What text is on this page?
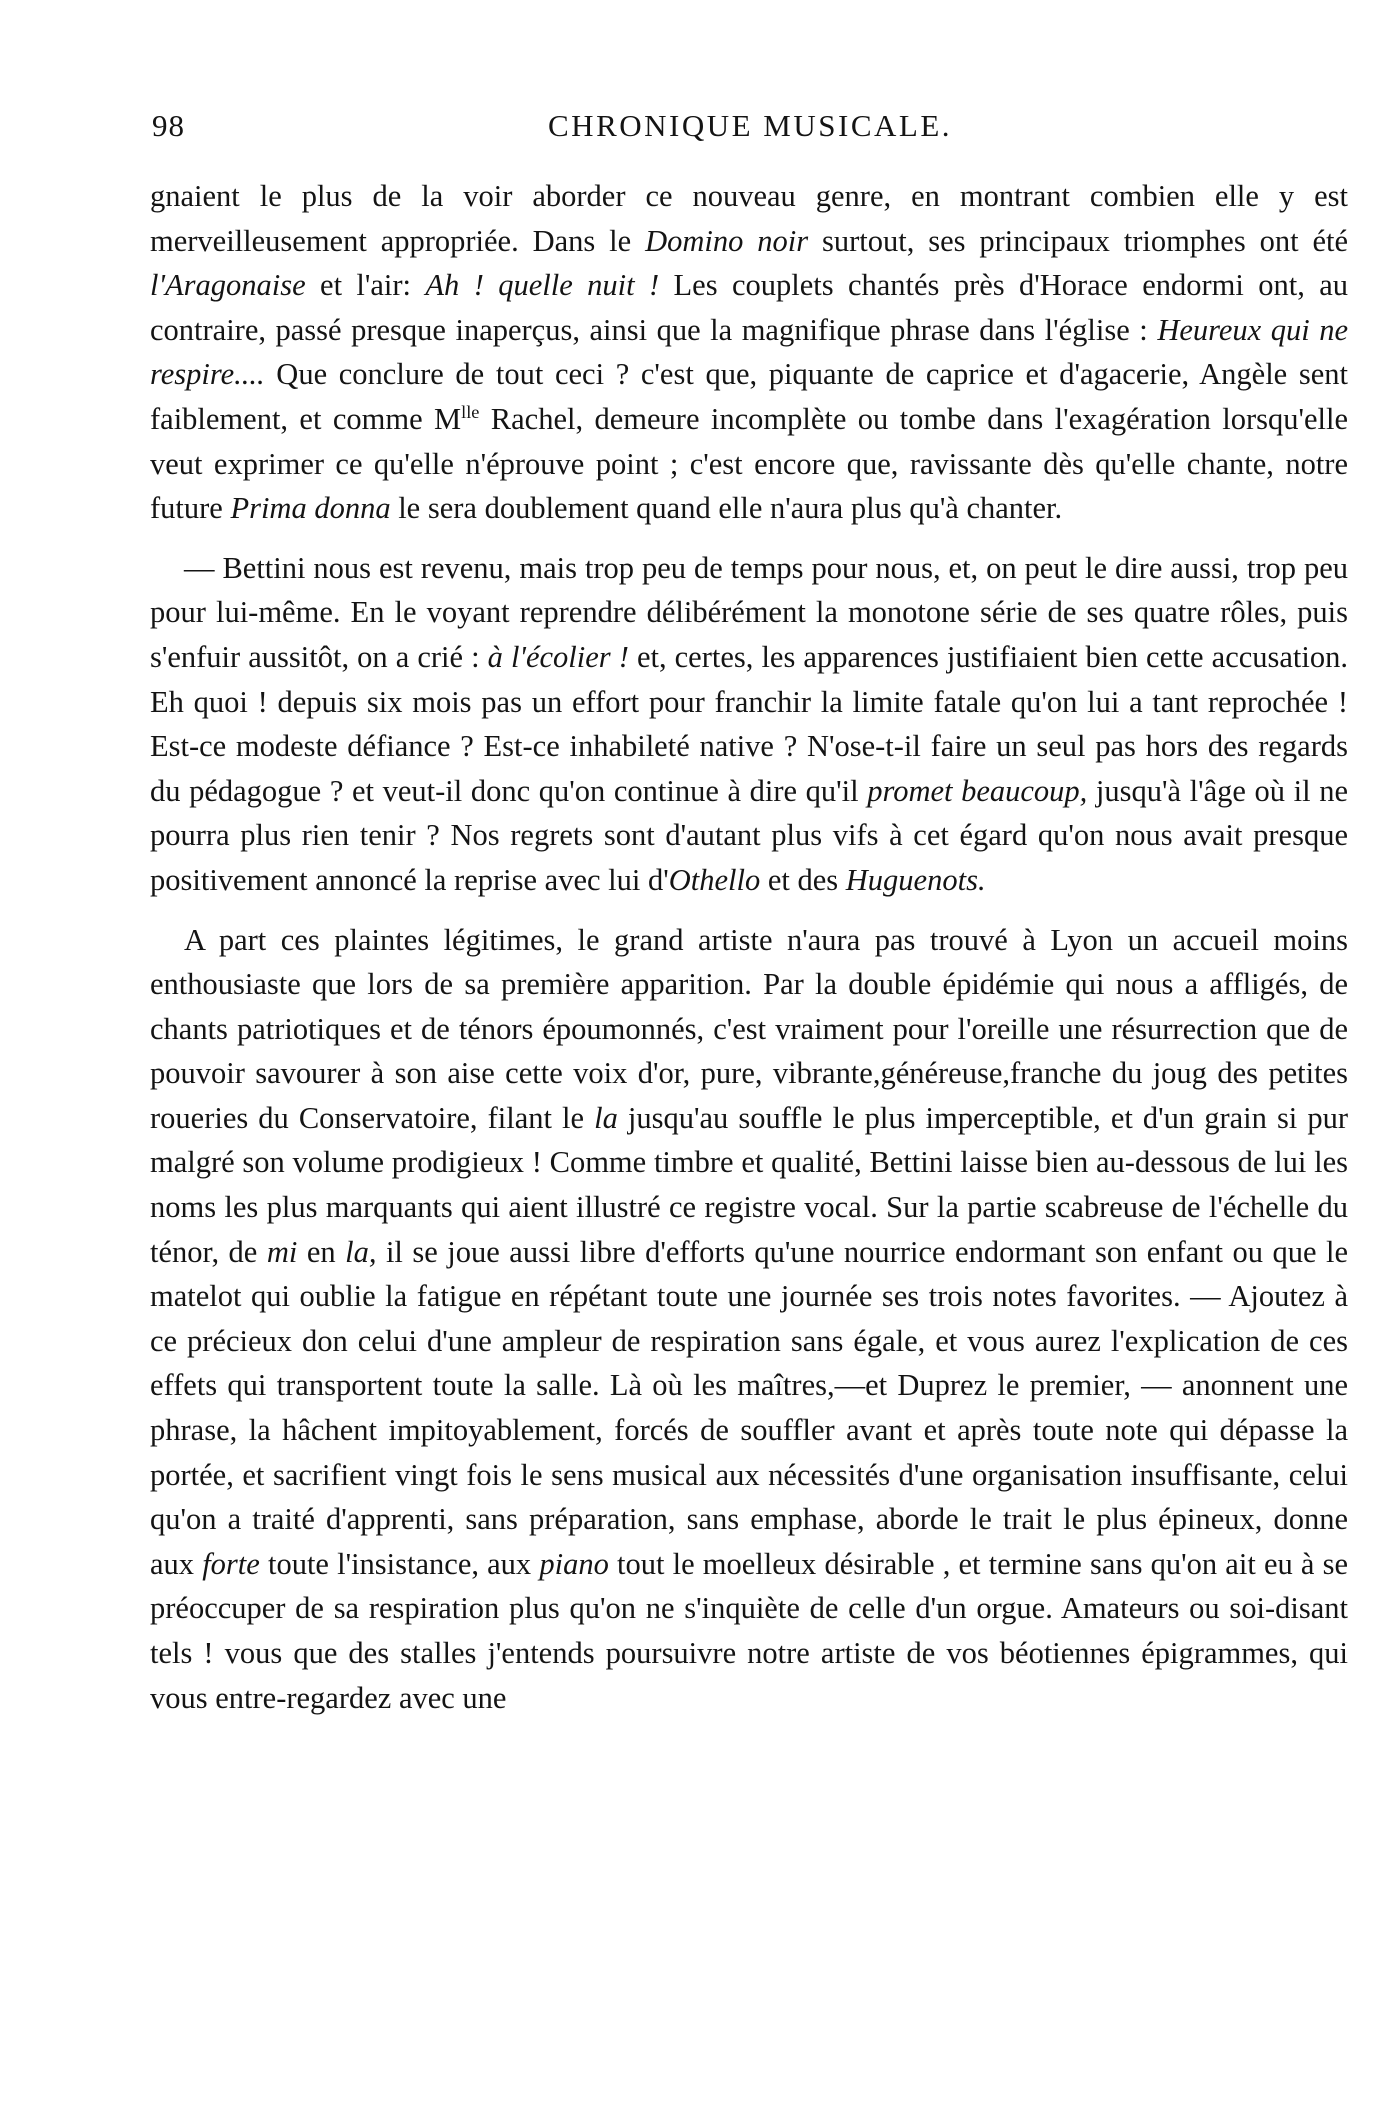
98	CHRONIQUE MUSICALE.

gnaient le plus de la voir aborder ce nouveau genre, en montrant combien elle y est merveilleusement appropriée. Dans le Domino noir surtout, ses principaux triomphes ont été l'Aragonaise et l'air: Ah ! quelle nuit ! Les couplets chantés près d'Horace endormi ont, au contraire, passé presque inaperçus, ainsi que la magnifique phrase dans l'église : Heureux qui ne respire.... Que conclure de tout ceci ? c'est que, piquante de caprice et d'agacerie, Angèle sent faiblement, et comme $M^{lle}$ Rachel, demeure incomplète ou tombe dans l'exagération lorsqu'elle veut exprimer ce qu'elle n'éprouve point ; c'est encore que, ravissante dès qu'elle chante, notre future Prima donna le sera doublement quand elle n'aura plus qu'à chanter.

— Bettini nous est revenu, mais trop peu de temps pour nous, et, on peut le dire aussi, trop peu pour lui-même. En le voyant reprendre délibérément la monotone série de ses quatre rôles, puis s'enfuir aussitôt, on a crié : à l'écolier ! et, certes, les apparences justifiaient bien cette accusation. Eh quoi ! depuis six mois pas un effort pour franchir la limite fatale qu'on lui a tant reprochée ! Est-ce modeste défiance ? Est-ce inhabileté native ? N'ose-t-il faire un seul pas hors des regards du pédagogue ? et veut-il donc qu'on continue à dire qu'il promet beaucoup, jusqu'à l'âge où il ne pourra plus rien tenir ? Nos regrets sont d'autant plus vifs à cet égard qu'on nous avait presque positivement annoncé la reprise avec lui d'Othello et des Huguenots.

A part ces plaintes légitimes, le grand artiste n'aura pas trouvé à Lyon un accueil moins enthousiaste que lors de sa première apparition. Par la double épidémie qui nous a affligés, de chants patriotiques et de ténors époumonnés, c'est vraiment pour l'oreille une résurrection que de pouvoir savourer à son aise cette voix d'or, pure, vibrante,généreuse,franche du joug des petites roueries du Conservatoire, filant le la jusqu'au souffle le plus imperceptible, et d'un grain si pur malgré son volume prodigieux ! Comme timbre et qualité, Bettini laisse bien au-dessous de lui les noms les plus marquants qui aient illustré ce registre vocal. Sur la partie scabreuse de l'échelle du ténor, de mi en la, il se joue aussi libre d'efforts qu'une nourrice endormant son enfant ou que le matelot qui oublie la fatigue en répétant toute une journée ses trois notes favorites. — Ajoutez à ce précieux don celui d'une ampleur de respiration sans égale, et vous aurez l'explication de ces effets qui transportent toute la salle. Là où les maîtres,—et Duprez le premier, — anonnent une phrase, la hâchent impitoyablement, forcés de souffler avant et après toute note qui dépasse la portée, et sacrifient vingt fois le sens musical aux nécessités d'une organisation insuffisante, celui qu'on a traité d'apprenti, sans préparation, sans emphase, aborde le trait le plus épineux, donne aux forte toute l'insistance, aux piano tout le moelleux désirable , et termine sans qu'on ait eu à se préoccuper de sa respiration plus qu'on ne s'inquiète de celle d'un orgue. Amateurs ou soi-disant tels ! vous que des stalles j'entends poursuivre notre artiste de vos béotiennes épigrammes, qui vous entre-regardez avec une
